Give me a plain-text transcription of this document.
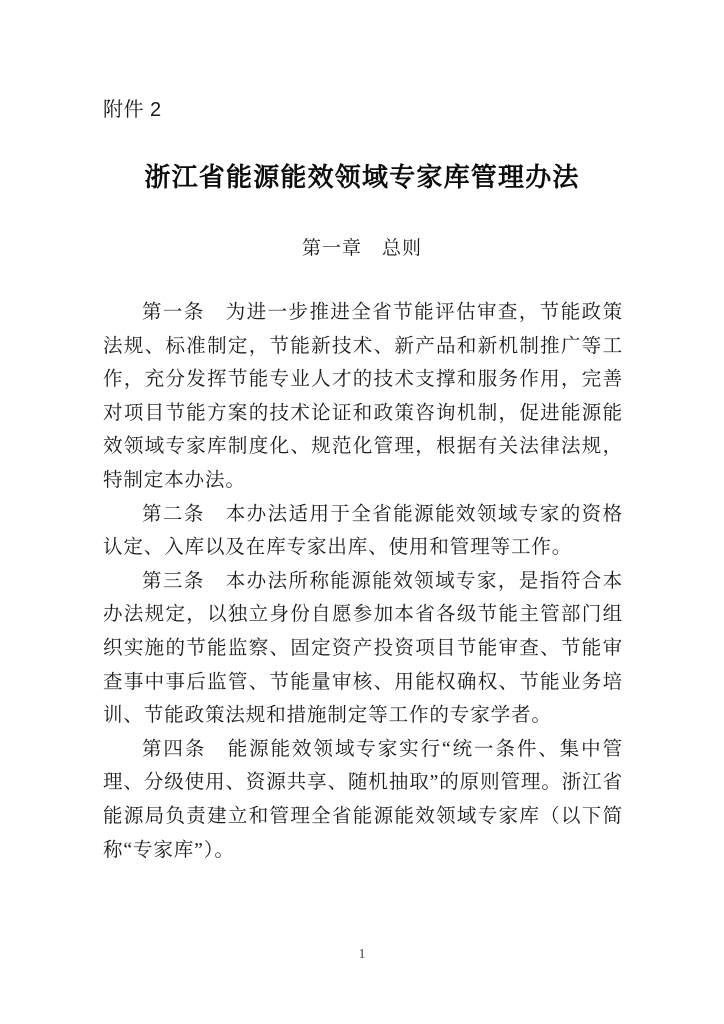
附件 2
浙江省能源能效领域专家库管理办法
第一章 总则

第一条 为进一步推进全省节能评估审查，节能政策法规、标准制定，节能新技术、新产品和新机制推广等工作，充分发挥节能专业人才的技术支撑和服务作用，完善对项目节能方案的技术论证和政策咨询机制，促进能源能效领域专家库制度化、规范化管理，根据有关法律法规，特制定本办法。

第二条 本办法适用于全省能源能效领域专家的资格认定、入库以及在库专家出库、使用和管理等工作。

第三条 本办法所称能源能效领域专家，是指符合本办法规定，以独立身份自愿参加本省各级节能主管部门组织实施的节能监察、固定资产投资项目节能审查、节能审查事中事后监管、节能量审核、用能权确权、节能业务培训、节能政策法规和措施制定等工作的专家学者。

第四条 能源能效领域专家实行“统一条件、集中管理、分级使用、资源共享、随机抽取”的原则管理。浙江省能源局负责建立和管理全省能源能效领域专家库（以下简称“专家库”）。

1
